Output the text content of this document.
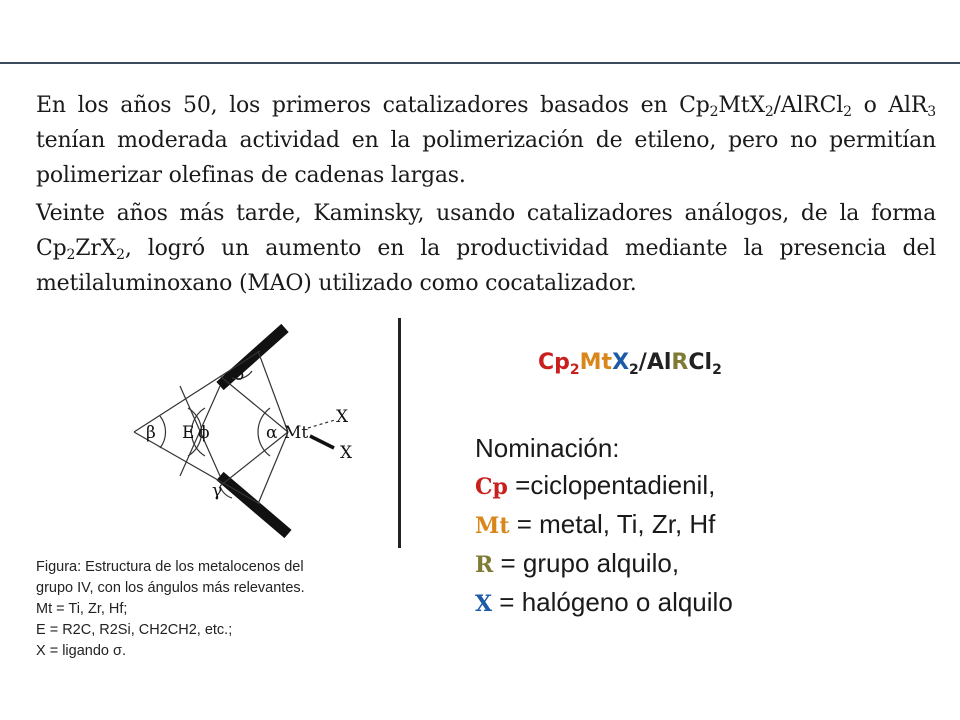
En los años 50, los primeros catalizadores basados en $Cp_2MtX_2/AlRCl_2$ o AlR$_3$ tenían moderada actividad en la polimerización de etileno, pero no permitían polimerizar olefinas de cadenas largas.
Veinte años más tarde, Kaminsky, usando catalizadores análogos, de la forma $Cp_2ZrX_2$, logró un aumento en la productividad mediante la presencia del metilaluminoxano (MAO) utilizado como cocatalizador.
δ
β E ϕ	α Mt
X
X
γ
Figura: Estructura de los metalocenos del
grupo IV, con los ángulos más relevantes.
Mt = Ti, Zr, Hf;
E = R2C, R2Si, CH2CH2, etc.;
X = ligando σ.
$Cp_2MtX_2/AlRCl_2$
Nominación:
Cp =ciclopentadienil,
Mt = metal, Ti, Zr, Hf
R = grupo alquilo,
X = halógeno o alquilo
